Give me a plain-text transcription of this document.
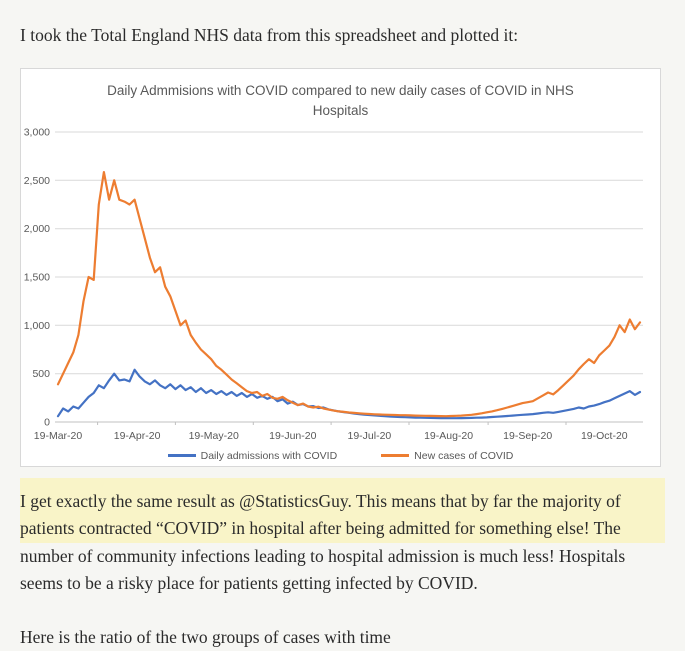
I took the Total England NHS data from this spreadsheet and plotted it:

Daily Admmisions with COVID compared to new daily cases of COVID in NHS Hospitals
0
500
1,000
1,500
2,000
2,500
3,000
19-Mar-20	19-Apr-20	19-May-20	19-Jun-20	19-Jul-20	19-Aug-20	19-Sep-20	19-Oct-20
Daily admissions with COVID	New cases of COVID

I get exactly the same result as @StatisticsGuy. This means that by far the majority of patients contracted “COVID” in hospital after being admitted for something else! The
number of community infections leading to hospital admission is much less! Hospitals seems to be a risky place for patients getting infected by COVID.

Here is the ratio of the two groups of cases with time
